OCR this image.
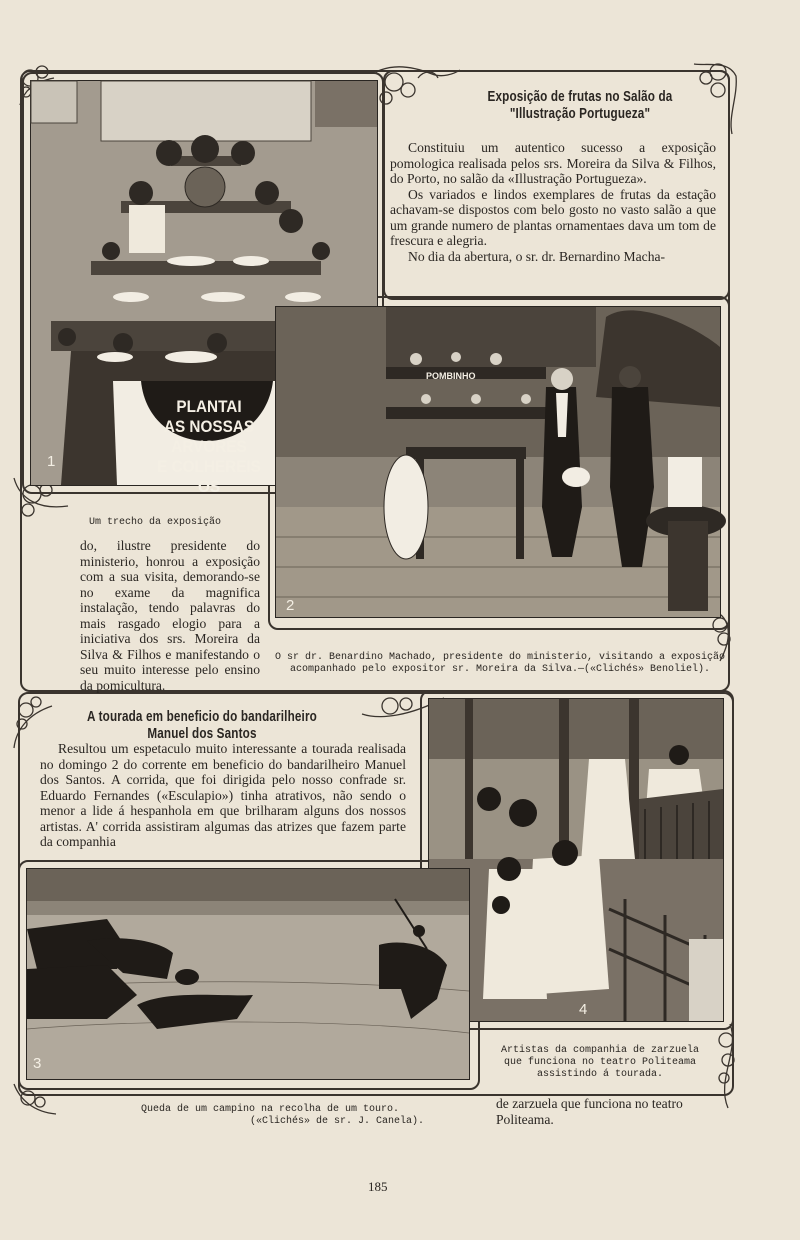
PLANTAI
AS NOSSAS
ÁRVORES
E COLHEREIS OS
1
Exposição de frutas no Salão da "Illustração Portugueza"
Constituiu um autentico sucesso a exposição pomologica realisada pelos srs. Moreira da Silva & Filhos, do Porto, no salão da «Illustração Portugueza».
Os variados e lindos exemplares de frutas da estação achavam-se dispostos com belo gosto no vasto salão a que um grande numero de plantas ornamentaes dava um tom de frescura e alegria.
No dia da abertura, o sr. dr. Bernardino Macha-
POMBINHO
2
Um trecho da exposição
do, ilustre presidente do ministerio, honrou a exposição com a sua visita, demorando-se no exame da magnifica instalação, tendo palavras do mais rasgado elogio para a iniciativa dos srs. Moreira da Silva & Filhos e manifestando o seu muito interesse pelo ensino da pomicultura.
O sr dr. Benardino Machado, presidente do ministerio, visitando a exposição acompanhado pelo expositor sr. Moreira da Silva.—(«Clichés» Benoliel).
A tourada em beneficio do bandarilheiro Manuel dos Santos
Resultou um espetaculo muito interessante a tourada realisada no domingo 2 do corrente em beneficio do bandarilheiro Manuel dos Santos. A corrida, que foi dirigida pelo nosso confrade sr. Eduardo Fernandes («Esculapio») tinha atrativos, não sendo o menor a lide á hespanhola em que brilharam alguns dos nossos artistas. A' corrida assistiram algumas das atrizes que fazem parte da companhia
4
3
Artistas da companhia de zarzuela que funciona no teatro Politeama assistindo á tourada.
Queda de um campino na recolha de um touro.
(«Clichés» de sr. J. Canela).
de zarzuela que funciona no teatro Politeama.
185
